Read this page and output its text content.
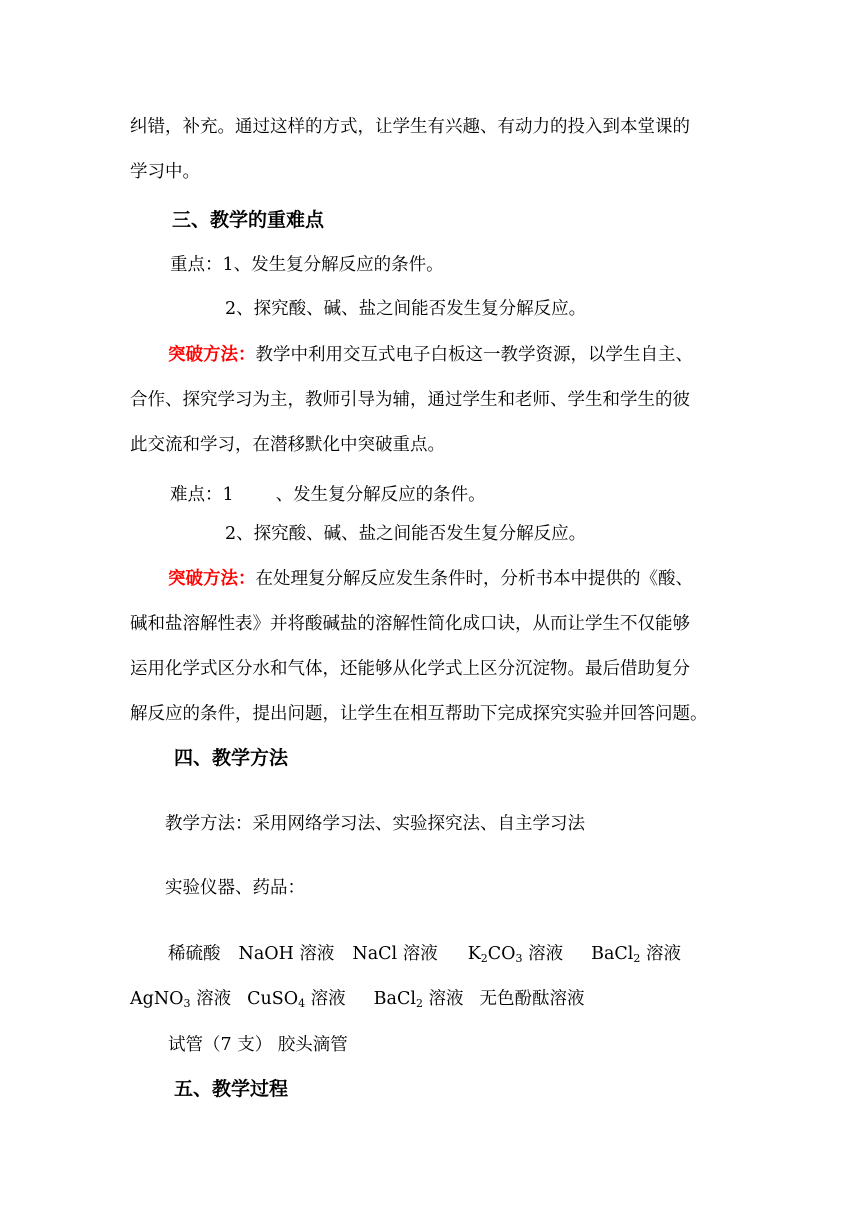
纠错，补充。通过这样的方式，让学生有兴趣、有动力的投入到本堂课的
学习中。
三、教学的重难点
重点：1、发生复分解反应的条件。
2、探究酸、碱、盐之间能否发生复分解反应。
突破方法：教学中利用交互式电子白板这一教学资源，以学生自主、
合作、探究学习为主，教师引导为辅，通过学生和老师、学生和学生的彼
此交流和学习，在潜移默化中突破重点。
难点：1 、发生复分解反应的条件。
2、探究酸、碱、盐之间能否发生复分解反应。
突破方法：在处理复分解反应发生条件时，分析书本中提供的《酸、
碱和盐溶解性表》并将酸碱盐的溶解性简化成口诀，从而让学生不仅能够
运用化学式区分水和气体，还能够从化学式上区分沉淀物。最后借助复分
解反应的条件，提出问题，让学生在相互帮助下完成探究实验并回答问题。
四、教学方法
教学方法：采用网络学习法、实验探究法、自主学习法
实验仪器、药品：
稀硫酸 NaOH 溶液 NaCl 溶液 $K_2CO_3$ 溶液 BaCl$_2$ 溶液
AgNO$_3$ 溶液 CuSO$_4$ 溶液 BaCl$_2$ 溶液 无色酚酞溶液
试管（7 支） 胶头滴管
五、教学过程
